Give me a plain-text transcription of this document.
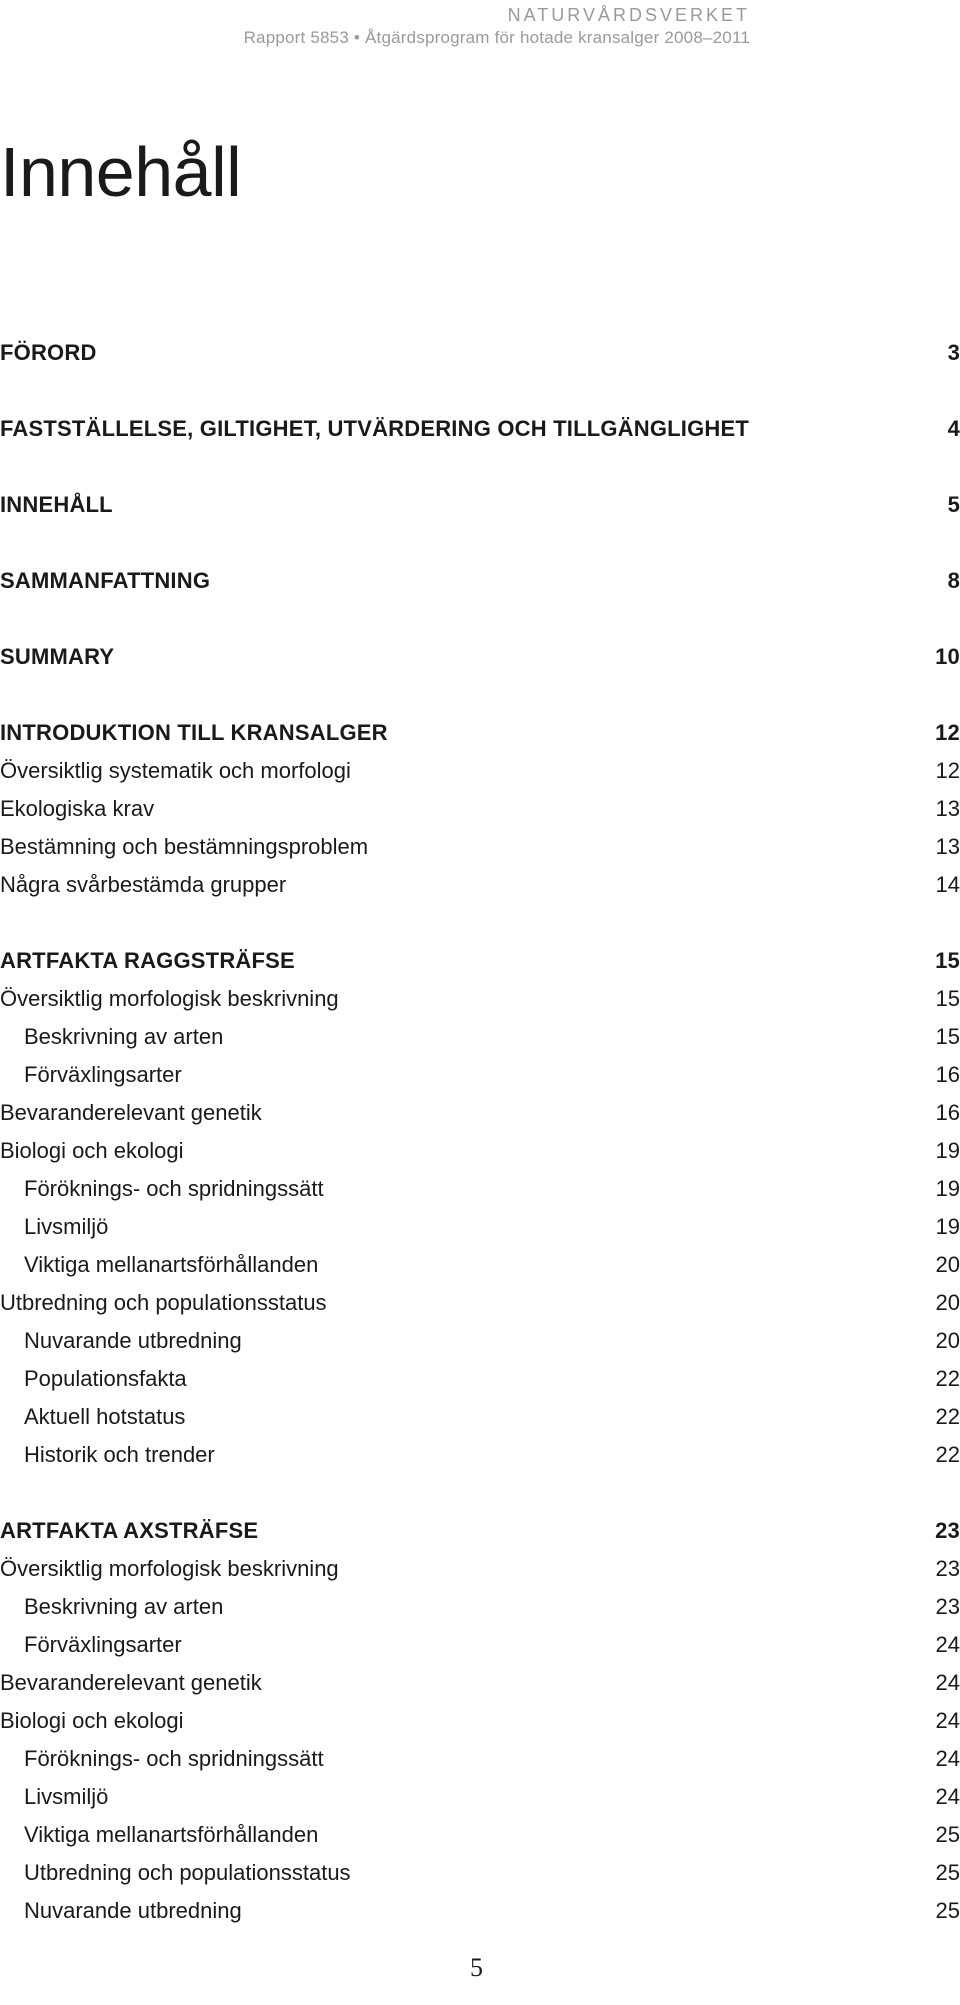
NATURVÅRDSVERKET
Rapport 5853 • Åtgärdsprogram för hotade kransalger 2008–2011
Innehåll
FÖRORD	3
FASTSTÄLLELSE, GILTIGHET, UTVÄRDERING OCH TILLGÄNGLIGHET	4
INNEHÅLL	5
SAMMANFATTNING	8
SUMMARY	10
INTRODUKTION TILL KRANSALGER	12
Översiktlig systematik och morfologi	12
Ekologiska krav	13
Bestämning och bestämningsproblem	13
Några svårbestämda grupper	14
ARTFAKTA RAGGSTRÄFSE	15
Översiktlig morfologisk beskrivning	15
Beskrivning av arten	15
Förväxlingsarter	16
Bevaranderelevant genetik	16
Biologi och ekologi	19
Föröknings- och spridningssätt	19
Livsmiljö	19
Viktiga mellanartsförhållanden	20
Utbredning och populationsstatus	20
Nuvarande utbredning	20
Populationsfakta	22
Aktuell hotstatus	22
Historik och trender	22
ARTFAKTA AXSTRÄFSE	23
Översiktlig morfologisk beskrivning	23
Beskrivning av arten	23
Förväxlingsarter	24
Bevaranderelevant genetik	24
Biologi och ekologi	24
Föröknings- och spridningssätt	24
Livsmiljö	24
Viktiga mellanartsförhållanden	25
Utbredning och populationsstatus	25
Nuvarande utbredning	25
5
